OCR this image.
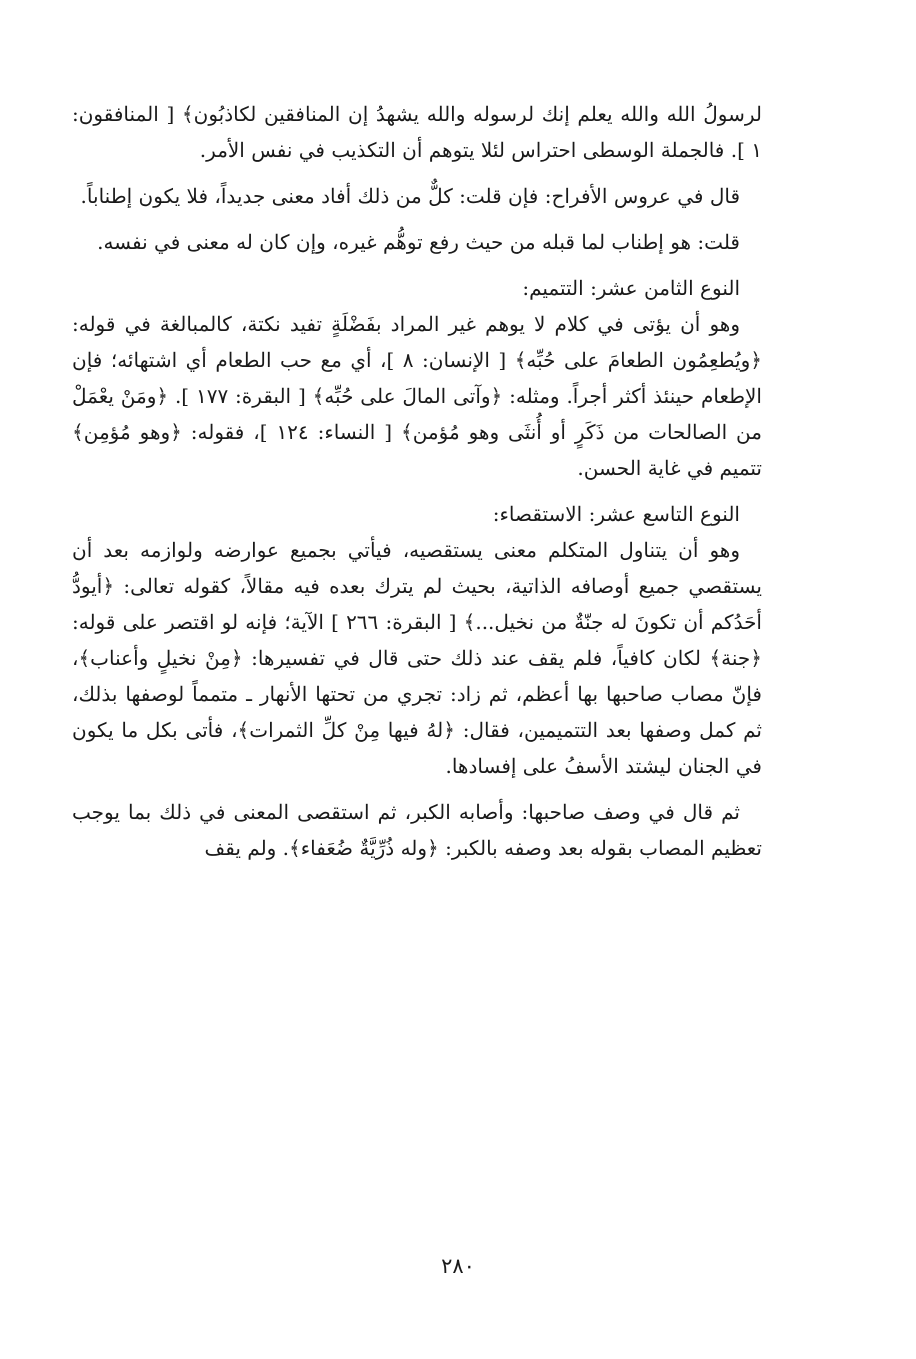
لرسولُ الله والله يعلم إنك لرسوله والله يشهدُ إن المنافقين لكاذبُون﴾ [ المنافقون: ١ ]. فالجملة الوسطى احتراس لئلا يتوهم أن التكذيب في نفس الأمر.

قال في عروس الأفراح: فإن قلت: كلٌّ من ذلك أفاد معنى جديداً، فلا يكون إطناباً.

قلت: هو إطناب لما قبله من حيث رفع توهُّم غيره، وإن كان له معنى في نفسه.

النوع الثامن عشر: التتميم:

وهو أن يؤتى في كلام لا يوهم غير المراد بفَضْلَةٍ تفيد نكتة، كالمبالغة في قوله: ﴿ويُطعِمُون الطعامَ على حُبِّه﴾ [ الإنسان: ٨ ]، أي مع حب الطعام أي اشتهائه؛ فإن الإطعام حينئذ أكثر أجراً. ومثله: ﴿وآتى المالَ على حُبِّه﴾ [ البقرة: ١٧٧ ]. ﴿ومَنْ يعْمَلْ من الصالحات من ذَكَرٍ أو أُنثَى وهو مُؤمن﴾ [ النساء: ١٢٤ ]، فقوله: ﴿وهو مُؤمِن﴾ تتميم في غاية الحسن.

النوع التاسع عشر: الاستقصاء:

وهو أن يتناول المتكلم معنى يستقصيه، فيأتي بجميع عوارضه ولوازمه بعد أن يستقصي جميع أوصافه الذاتية، بحيث لم يترك بعده فيه مقالاً، كقوله تعالى: ﴿أيودُّ أحَدُكم أن تكونَ له جنّةٌ من نخيل...﴾ [ البقرة: ٢٦٦ ] الآية؛ فإنه لو اقتصر على قوله: ﴿جنة﴾ لكان كافياً، فلم يقف عند ذلك حتى قال في تفسيرها: ﴿مِنْ نخيلٍ وأعناب﴾، فإنّ مصاب صاحبها بها أعظم، ثم زاد: تجري من تحتها الأنهار ـ متمماً لوصفها بذلك، ثم كمل وصفها بعد التتميمين، فقال: ﴿لهُ فيها مِنْ كلِّ الثمرات﴾، فأتى بكل ما يكون في الجنان ليشتد الأسفُ على إفسادها.

ثم قال في وصف صاحبها: وأصابه الكبر، ثم استقصى المعنى في ذلك بما يوجب تعظيم المصاب بقوله بعد وصفه بالكبر: ﴿وله ذُرِّيَّةٌ ضُعَفاء﴾. ولم يقف

٢٨٠
